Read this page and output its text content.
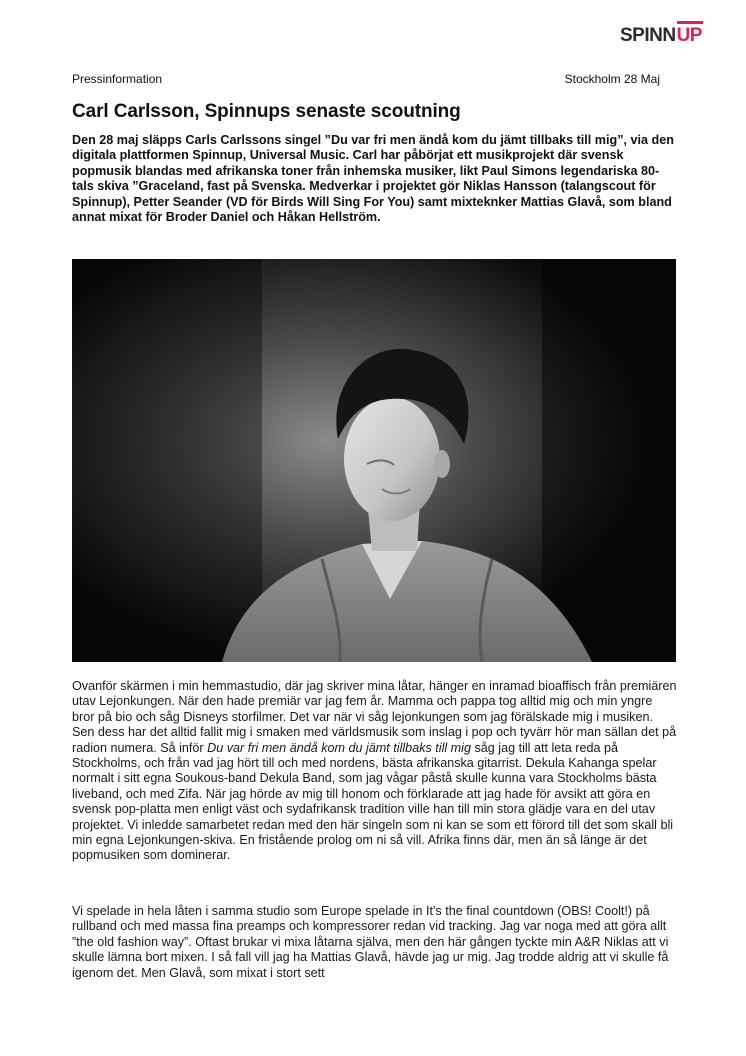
SPINN UP
Pressinformation	Stockholm 28 Maj
Carl Carlsson, Spinnups senaste scoutning

Den 28 maj släpps Carls Carlssons singel ”Du var fri men ändå kom du jämt tillbaks till mig”, via den digitala plattformen Spinnup, Universal Music. Carl har påbörjat ett musikprojekt där svensk popmusik blandas med afrikanska toner från inhemska musiker, likt Paul Simons legendariska 80-tals skiva ”Graceland, fast på Svenska. Medverkar i projektet gör Niklas Hansson (talangscout för Spinnup), Petter Seander (VD för Birds Will Sing For You) samt mixteknker Mattias Glavå, som bland annat mixat för Broder Daniel och Håkan Hellström.

Ovanför skärmen i min hemmastudio, där jag skriver mina låtar, hänger en inramad bioaffisch från premiären utav Lejonkungen. När den hade premiär var jag fem år. Mamma och pappa tog alltid mig och min yngre bror på bio och såg Disneys storfilmer. Det var när vi såg lejonkungen som jag förälskade mig i musiken. Sen dess har det alltid fallit mig i smaken med världsmusik som inslag i pop och tyvärr hör man sällan det på radion numera. Så inför Du var fri men ändå kom du jämt tillbaks till mig såg jag till att leta reda på Stockholms, och från vad jag hört till och med nordens, bästa afrikanska gitarrist. Dekula Kahanga spelar normalt i sitt egna Soukous-band Dekula Band, som jag vågar påstå skulle kunna vara Stockholms bästa liveband, och med Zifa. När jag hörde av mig till honom och förklarade att jag hade för avsikt att göra en svensk pop-platta men enligt väst och sydafrikansk tradition ville han till min stora glädje vara en del utav projektet. Vi inledde samarbetet redan med den här singeln som ni kan se som ett förord till det som skall bli min egna Lejonkungen-skiva. En fristående prolog om ni så vill. Afrika finns där, men än så länge är det popmusiken som dominerar.

Vi spelade in hela låten i samma studio som Europe spelade in It's the final countdown (OBS! Coolt!) på rullband och med massa fina preamps och kompressorer redan vid tracking. Jag var noga med att göra allt ”the old fashion way”. Oftast brukar vi mixa låtarna själva, men den här gången tyckte min A&R Niklas att vi skulle lämna bort mixen. I så fall vill jag ha Mattias Glavå, hävde jag ur mig. Jag trodde aldrig att vi skulle få igenom det. Men Glavå, som mixat i stort sett
